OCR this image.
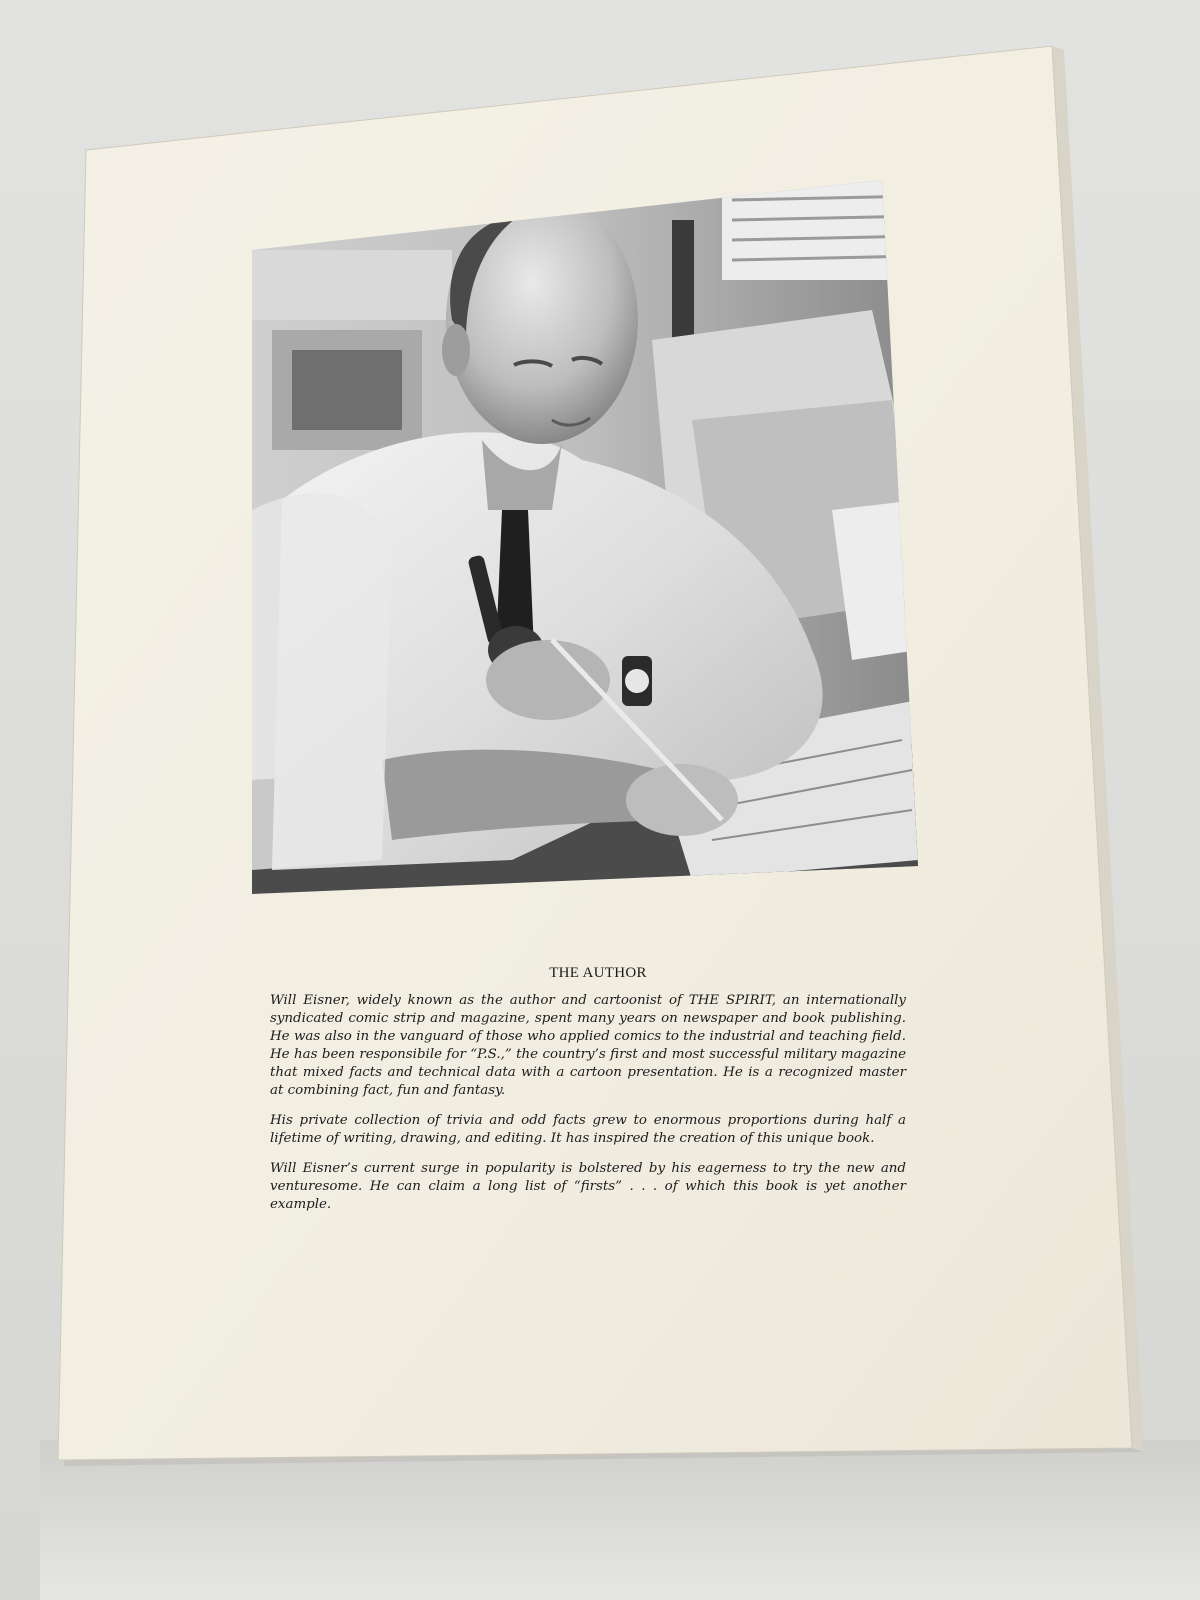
THE AUTHOR

Will Eisner, widely known as the author and cartoonist of THE SPIRIT, an internationally syndicated comic strip and magazine, spent many years on newspaper and book publishing. He was also in the vanguard of those who applied comics to the industrial and teaching field. He has been responsibile for “P.S.,” the country’s first and most successful military magazine that mixed facts and technical data with a cartoon presentation. He is a recognized master at combining fact, fun and fantasy.

His private collection of trivia and odd facts grew to enormous proportions during half a lifetime of writing, drawing, and editing. It has inspired the creation of this unique book.

Will Eisner’s current surge in popularity is bolstered by his eagerness to try the new and venturesome. He can claim a long list of “firsts” . . . of which this book is yet another example.
